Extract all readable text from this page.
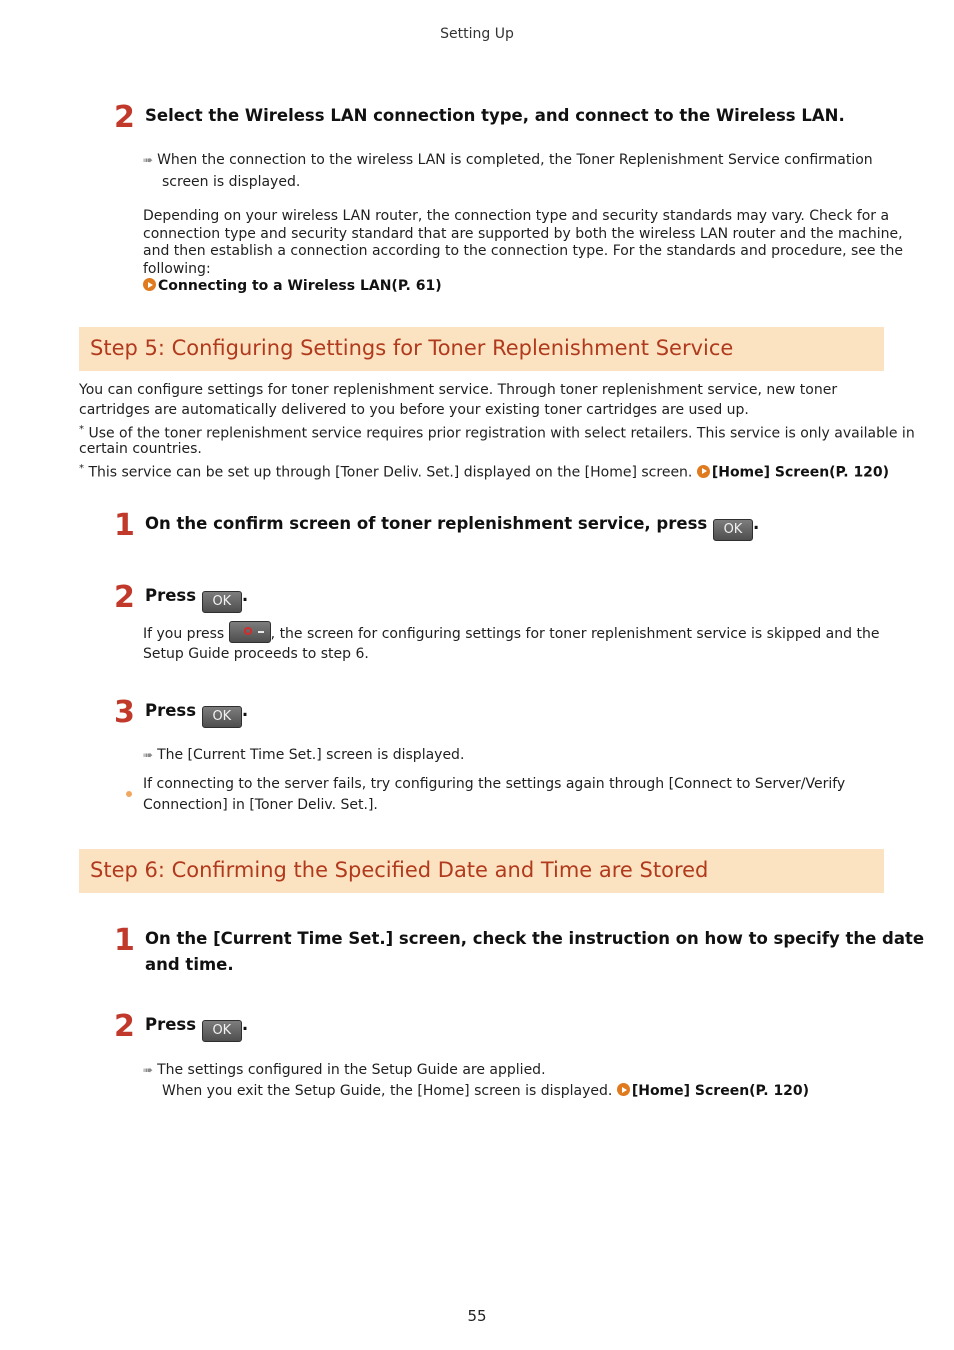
Setting Up
2 Select the Wireless LAN connection type, and connect to the Wireless LAN.
➠ When the connection to the wireless LAN is completed, the Toner Replenishment Service confirmation
screen is displayed.
Depending on your wireless LAN router, the connection type and security standards may vary. Check for a
connection type and security standard that are supported by both the wireless LAN router and the machine,
and then establish a connection according to the connection type. For the standards and procedure, see the
following:
Connecting to a Wireless LAN(P. 61)
Step 5: Configuring Settings for Toner Replenishment Service
You can configure settings for toner replenishment service. Through toner replenishment service, new toner
cartridges are automatically delivered to you before your existing toner cartridges are used up.
* Use of the toner replenishment service requires prior registration with select retailers. This service is only available in
certain countries.
* This service can be set up through [Toner Deliv. Set.] displayed on the [Home] screen. [Home] Screen(P. 120)
1 On the confirm screen of toner replenishment service, press OK .
2 Press OK .
If you press	, the screen for configuring settings for toner replenishment service is skipped and the
Setup Guide proceeds to step 6.
3 Press OK .
➠ The [Current Time Set.] screen is displayed.
If connecting to the server fails, try configuring the settings again through [Connect to Server/Verify
Connection] in [Toner Deliv. Set.].
Step 6: Confirming the Specified Date and Time are Stored
1 On the [Current Time Set.] screen, check the instruction on how to specify the date
and time.
2 Press OK .
➠ The settings configured in the Setup Guide are applied.
When you exit the Setup Guide, the [Home] screen is displayed. [Home] Screen(P. 120)
55
